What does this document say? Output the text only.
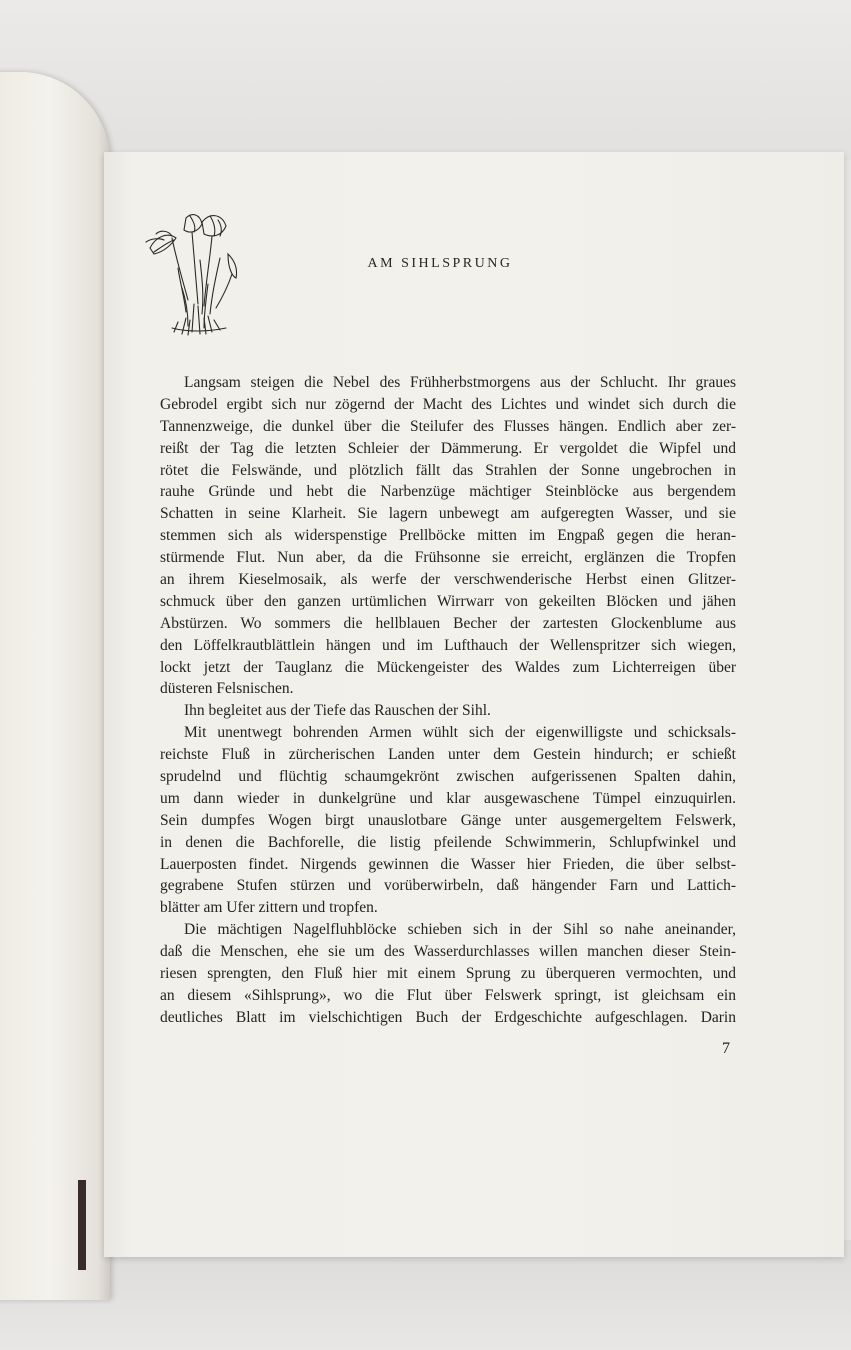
AM SIHLSPRUNG
Langsam steigen die Nebel des Frühherbstmorgens aus der Schlucht. Ihr graues
Gebrodel ergibt sich nur zögernd der Macht des Lichtes und windet sich durch die
Tannenzweige, die dunkel über die Steilufer des Flusses hängen. Endlich aber zer-
reißt der Tag die letzten Schleier der Dämmerung. Er vergoldet die Wipfel und
rötet die Felswände, und plötzlich fällt das Strahlen der Sonne ungebrochen in
rauhe Gründe und hebt die Narbenzüge mächtiger Steinblöcke aus bergendem
Schatten in seine Klarheit. Sie lagern unbewegt am aufgeregten Wasser, und sie
stemmen sich als widerspenstige Prellböcke mitten im Engpaß gegen die heran-
stürmende Flut. Nun aber, da die Frühsonne sie erreicht, erglänzen die Tropfen
an ihrem Kieselmosaik, als werfe der verschwenderische Herbst einen Glitzer-
schmuck über den ganzen urtümlichen Wirrwarr von gekeilten Blöcken und jähen
Abstürzen. Wo sommers die hellblauen Becher der zartesten Glockenblume aus
den Löffelkrautblättlein hängen und im Lufthauch der Wellenspritzer sich wiegen,
lockt jetzt der Tauglanz die Mückengeister des Waldes zum Lichterreigen über
düsteren Felsnischen.
Ihn begleitet aus der Tiefe das Rauschen der Sihl.
Mit unentwegt bohrenden Armen wühlt sich der eigenwilligste und schicksals-
reichste Fluß in zürcherischen Landen unter dem Gestein hindurch; er schießt
sprudelnd und flüchtig schaumgekrönt zwischen aufgerissenen Spalten dahin,
um dann wieder in dunkelgrüne und klar ausgewaschene Tümpel einzuquirlen.
Sein dumpfes Wogen birgt unauslotbare Gänge unter ausgemergeltem Felswerk,
in denen die Bachforelle, die listig pfeilende Schwimmerin, Schlupfwinkel und
Lauerposten findet. Nirgends gewinnen die Wasser hier Frieden, die über selbst-
gegrabene Stufen stürzen und vorüberwirbeln, daß hängender Farn und Lattich-
blätter am Ufer zittern und tropfen.
Die mächtigen Nagelfluhblöcke schieben sich in der Sihl so nahe aneinander,
daß die Menschen, ehe sie um des Wasserdurchlasses willen manchen dieser Stein-
riesen sprengten, den Fluß hier mit einem Sprung zu überqueren vermochten, und
an diesem «Sihlsprung», wo die Flut über Felswerk springt, ist gleichsam ein
deutliches Blatt im vielschichtigen Buch der Erdgeschichte aufgeschlagen. Darin
7
